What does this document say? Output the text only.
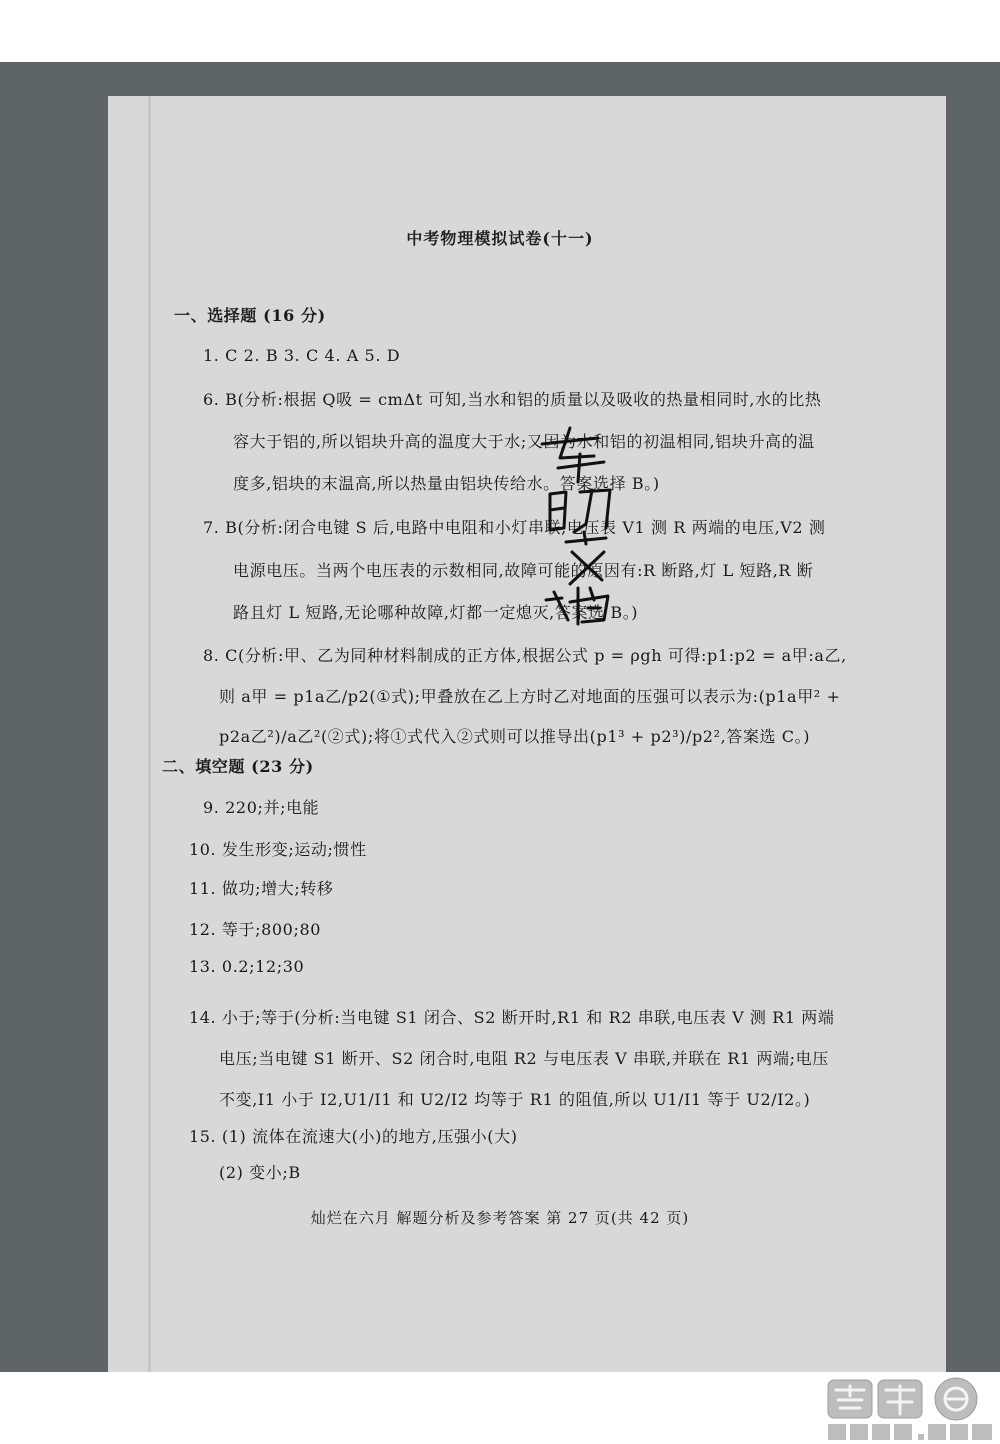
中考物理模拟试卷(十一)
一、选择题 (16 分)
1. C 2. B 3. C 4. A 5. D
6. B(分析:根据 Q吸 = cmΔt 可知,当水和铝的质量以及吸收的热量相同时,水的比热
容大于铝的,所以铝块升高的温度大于水;又因为水和铝的初温相同,铝块升高的温
度多,铝块的末温高,所以热量由铝块传给水。答案选择 B。)
7. B(分析:闭合电键 S 后,电路中电阻和小灯串联,电压表 V1 测 R 两端的电压,V2 测
电源电压。当两个电压表的示数相同,故障可能的原因有:R 断路,灯 L 短路,R 断
路且灯 L 短路,无论哪种故障,灯都一定熄灭,答案选 B。)
8. C(分析:甲、乙为同种材料制成的正方体,根据公式 p = ρgh 可得:p1:p2 = a甲:a乙,
则 a甲 = p1a乙/p2(①式);甲叠放在乙上方时乙对地面的压强可以表示为:(p1a甲² +
p2a乙²)/a乙²(②式);将①式代入②式则可以推导出(p1³ + p2³)/p2²,答案选 C。)
二、填空题 (23 分)
9. 220;并;电能
10. 发生形变;运动;惯性
11. 做功;增大;转移
12. 等于;800;80
13. 0.2;12;30
14. 小于;等于(分析:当电键 S1 闭合、S2 断开时,R1 和 R2 串联,电压表 V 测 R1 两端
电压;当电键 S1 断开、S2 闭合时,电阻 R2 与电压表 V 串联,并联在 R1 两端;电压
不变,I1 小于 I2,U1/I1 和 U2/I2 均等于 R1 的阻值,所以 U1/I1 等于 U2/I2。)
15. (1) 流体在流速大(小)的地方,压强小(大)
(2) 变小;B
灿烂在六月 解题分析及参考答案 第 27 页(共 42 页)
